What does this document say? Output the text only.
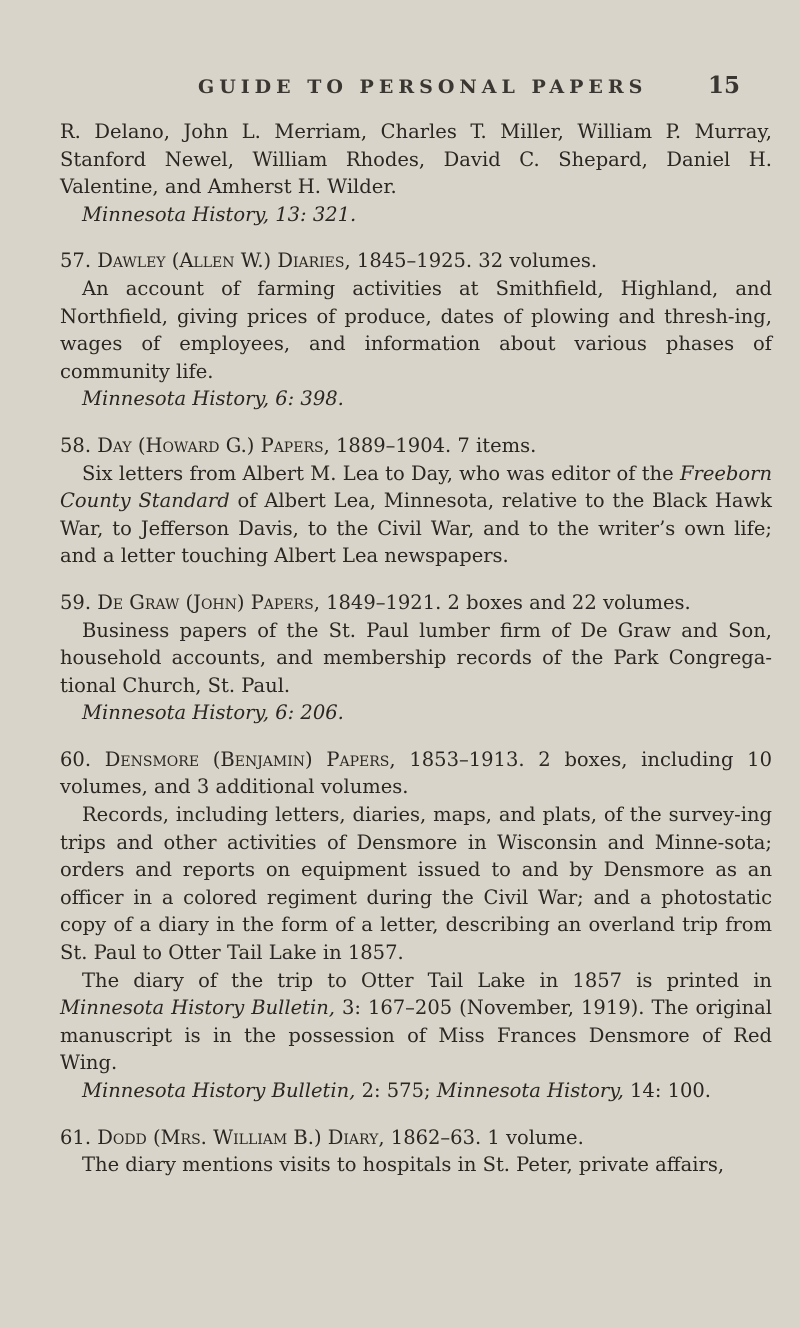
GUIDE TO PERSONAL PAPERS	15

R. Delano, John L. Merriam, Charles T. Miller, William P. Murray, Stanford Newel, William Rhodes, David C. Shepard, Daniel H. Valentine, and Amherst H. Wilder.

Minnesota History, 13: 321.

57. Dawley (Allen W.) Diaries, 1845–1925. 32 volumes.

An account of farming activities at Smithfield, Highland, and Northfield, giving prices of produce, dates of plowing and thresh-ing, wages of employees, and information about various phases of community life.

Minnesota History, 6: 398.

58. Day (Howard G.) Papers, 1889–1904. 7 items.

Six letters from Albert M. Lea to Day, who was editor of the Freeborn County Standard of Albert Lea, Minnesota, relative to the Black Hawk War, to Jefferson Davis, to the Civil War, and to the writer’s own life; and a letter touching Albert Lea newspapers.

59. De Graw (John) Papers, 1849–1921. 2 boxes and 22 volumes.

Business papers of the St. Paul lumber firm of De Graw and Son, household accounts, and membership records of the Park Congrega-tional Church, St. Paul.

Minnesota History, 6: 206.

60. Densmore (Benjamin) Papers, 1853–1913. 2 boxes, including 10 volumes, and 3 additional volumes.

Records, including letters, diaries, maps, and plats, of the survey-ing trips and other activities of Densmore in Wisconsin and Minne-sota; orders and reports on equipment issued to and by Densmore as an officer in a colored regiment during the Civil War; and a photostatic copy of a diary in the form of a letter, describing an overland trip from St. Paul to Otter Tail Lake in 1857.

The diary of the trip to Otter Tail Lake in 1857 is printed in Minnesota History Bulletin, 3: 167–205 (November, 1919). The original manuscript is in the possession of Miss Frances Densmore of Red Wing.

Minnesota History Bulletin, 2: 575; Minnesota History, 14: 100.

61. Dodd (Mrs. William B.) Diary, 1862–63. 1 volume.

The diary mentions visits to hospitals in St. Peter, private affairs,
